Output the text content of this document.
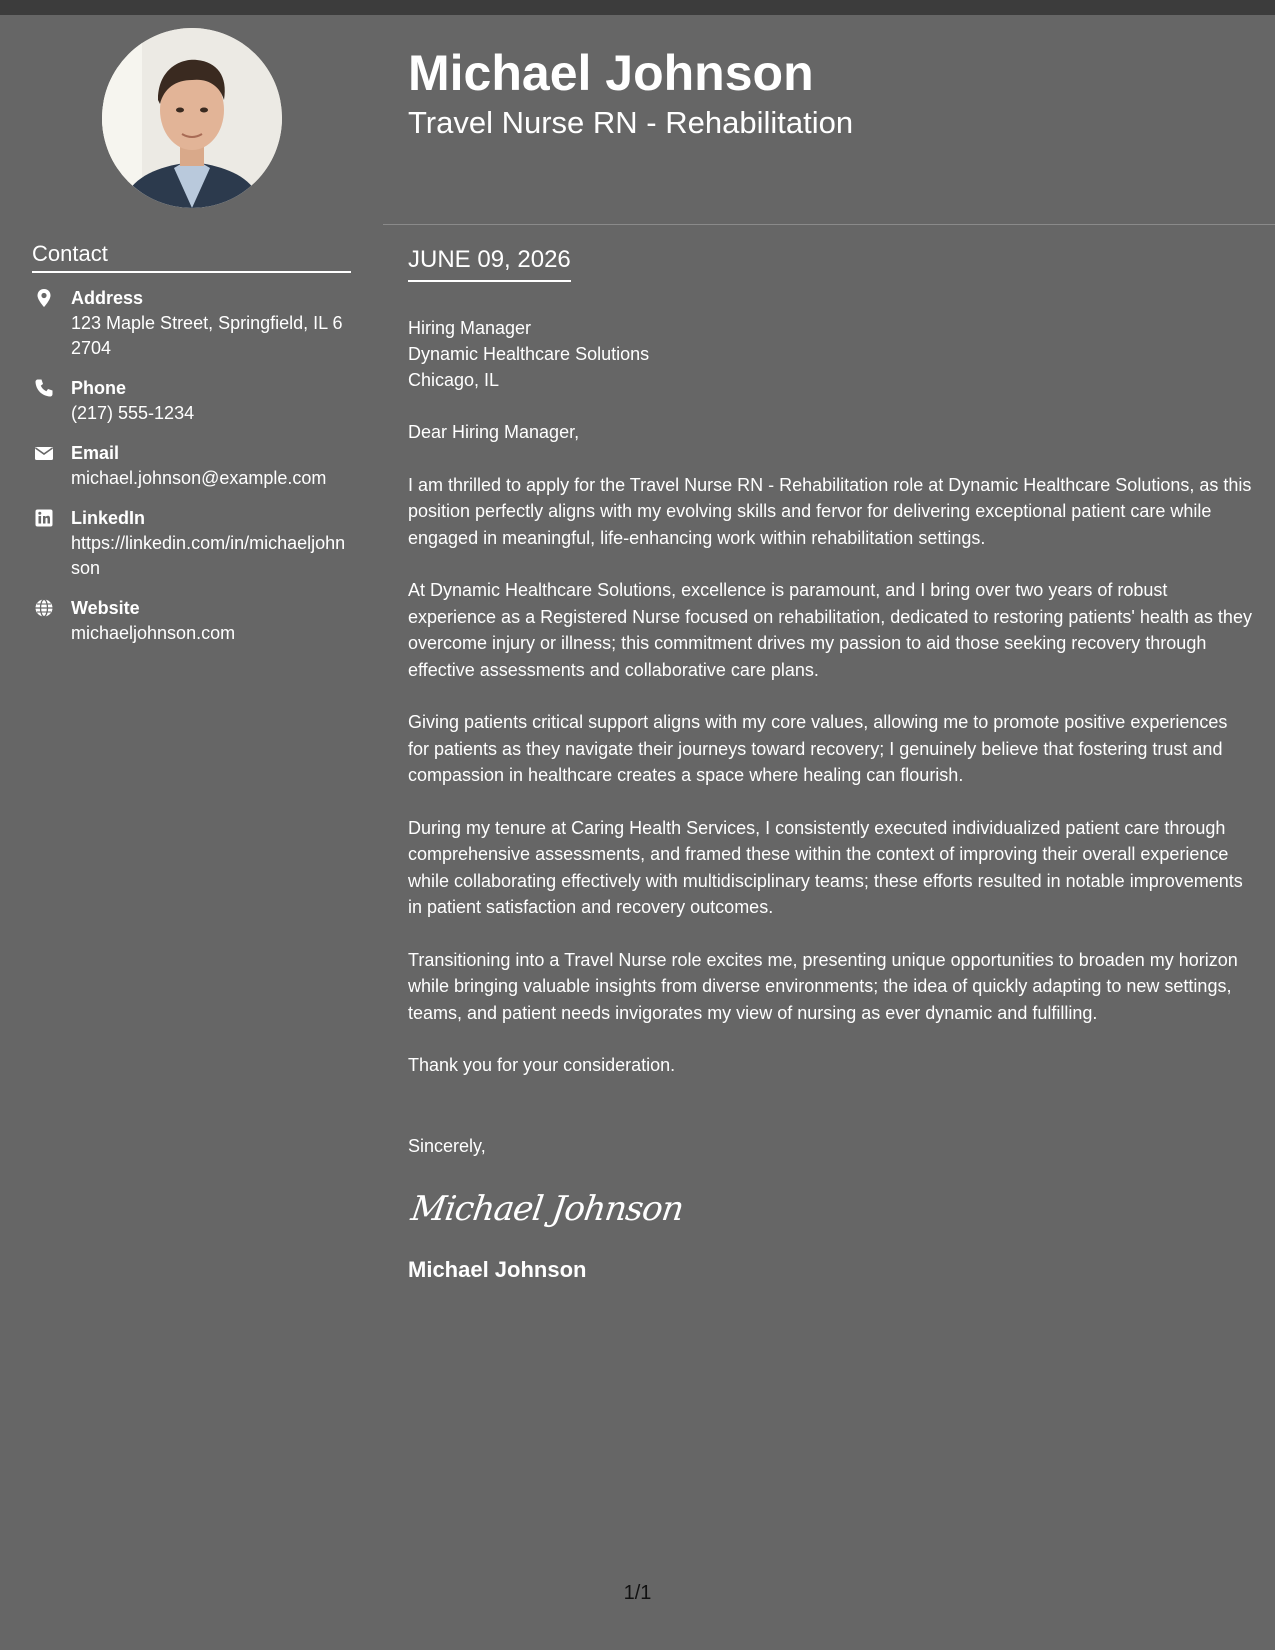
Contact
Address
123 Maple Street, Springfield, IL 62704
Phone
(217) 555-1234
Email
michael.johnson@example.com
LinkedIn
https://linkedin.com/in/michaeljohnson
Website
michaeljohnson.com
Michael Johnson
Travel Nurse RN - Rehabilitation
JUNE 09, 2026
Hiring Manager
Dynamic Healthcare Solutions
Chicago, IL

Dear Hiring Manager,

I am thrilled to apply for the Travel Nurse RN - Rehabilitation role at Dynamic Healthcare Solutions, as this position perfectly aligns with my evolving skills and fervor for delivering exceptional patient care while engaged in meaningful, life-enhancing work within rehabilitation settings.

At Dynamic Healthcare Solutions, excellence is paramount, and I bring over two years of robust experience as a Registered Nurse focused on rehabilitation, dedicated to restoring patients' health as they overcome injury or illness; this commitment drives my passion to aid those seeking recovery through effective assessments and collaborative care plans.

Giving patients critical support aligns with my core values, allowing me to promote positive experiences for patients as they navigate their journeys toward recovery; I genuinely believe that fostering trust and compassion in healthcare creates a space where healing can flourish.

During my tenure at Caring Health Services, I consistently executed individualized patient care through comprehensive assessments, and framed these within the context of improving their overall experience while collaborating effectively with multidisciplinary teams; these efforts resulted in notable improvements in patient satisfaction and recovery outcomes.

Transitioning into a Travel Nurse role excites me, presenting unique opportunities to broaden my horizon while bringing valuable insights from diverse environments; the idea of quickly adapting to new settings, teams, and patient needs invigorates my view of nursing as ever dynamic and fulfilling.

Thank you for your consideration.

Sincerely,
Michael Johnson
Michael Johnson
1/1
